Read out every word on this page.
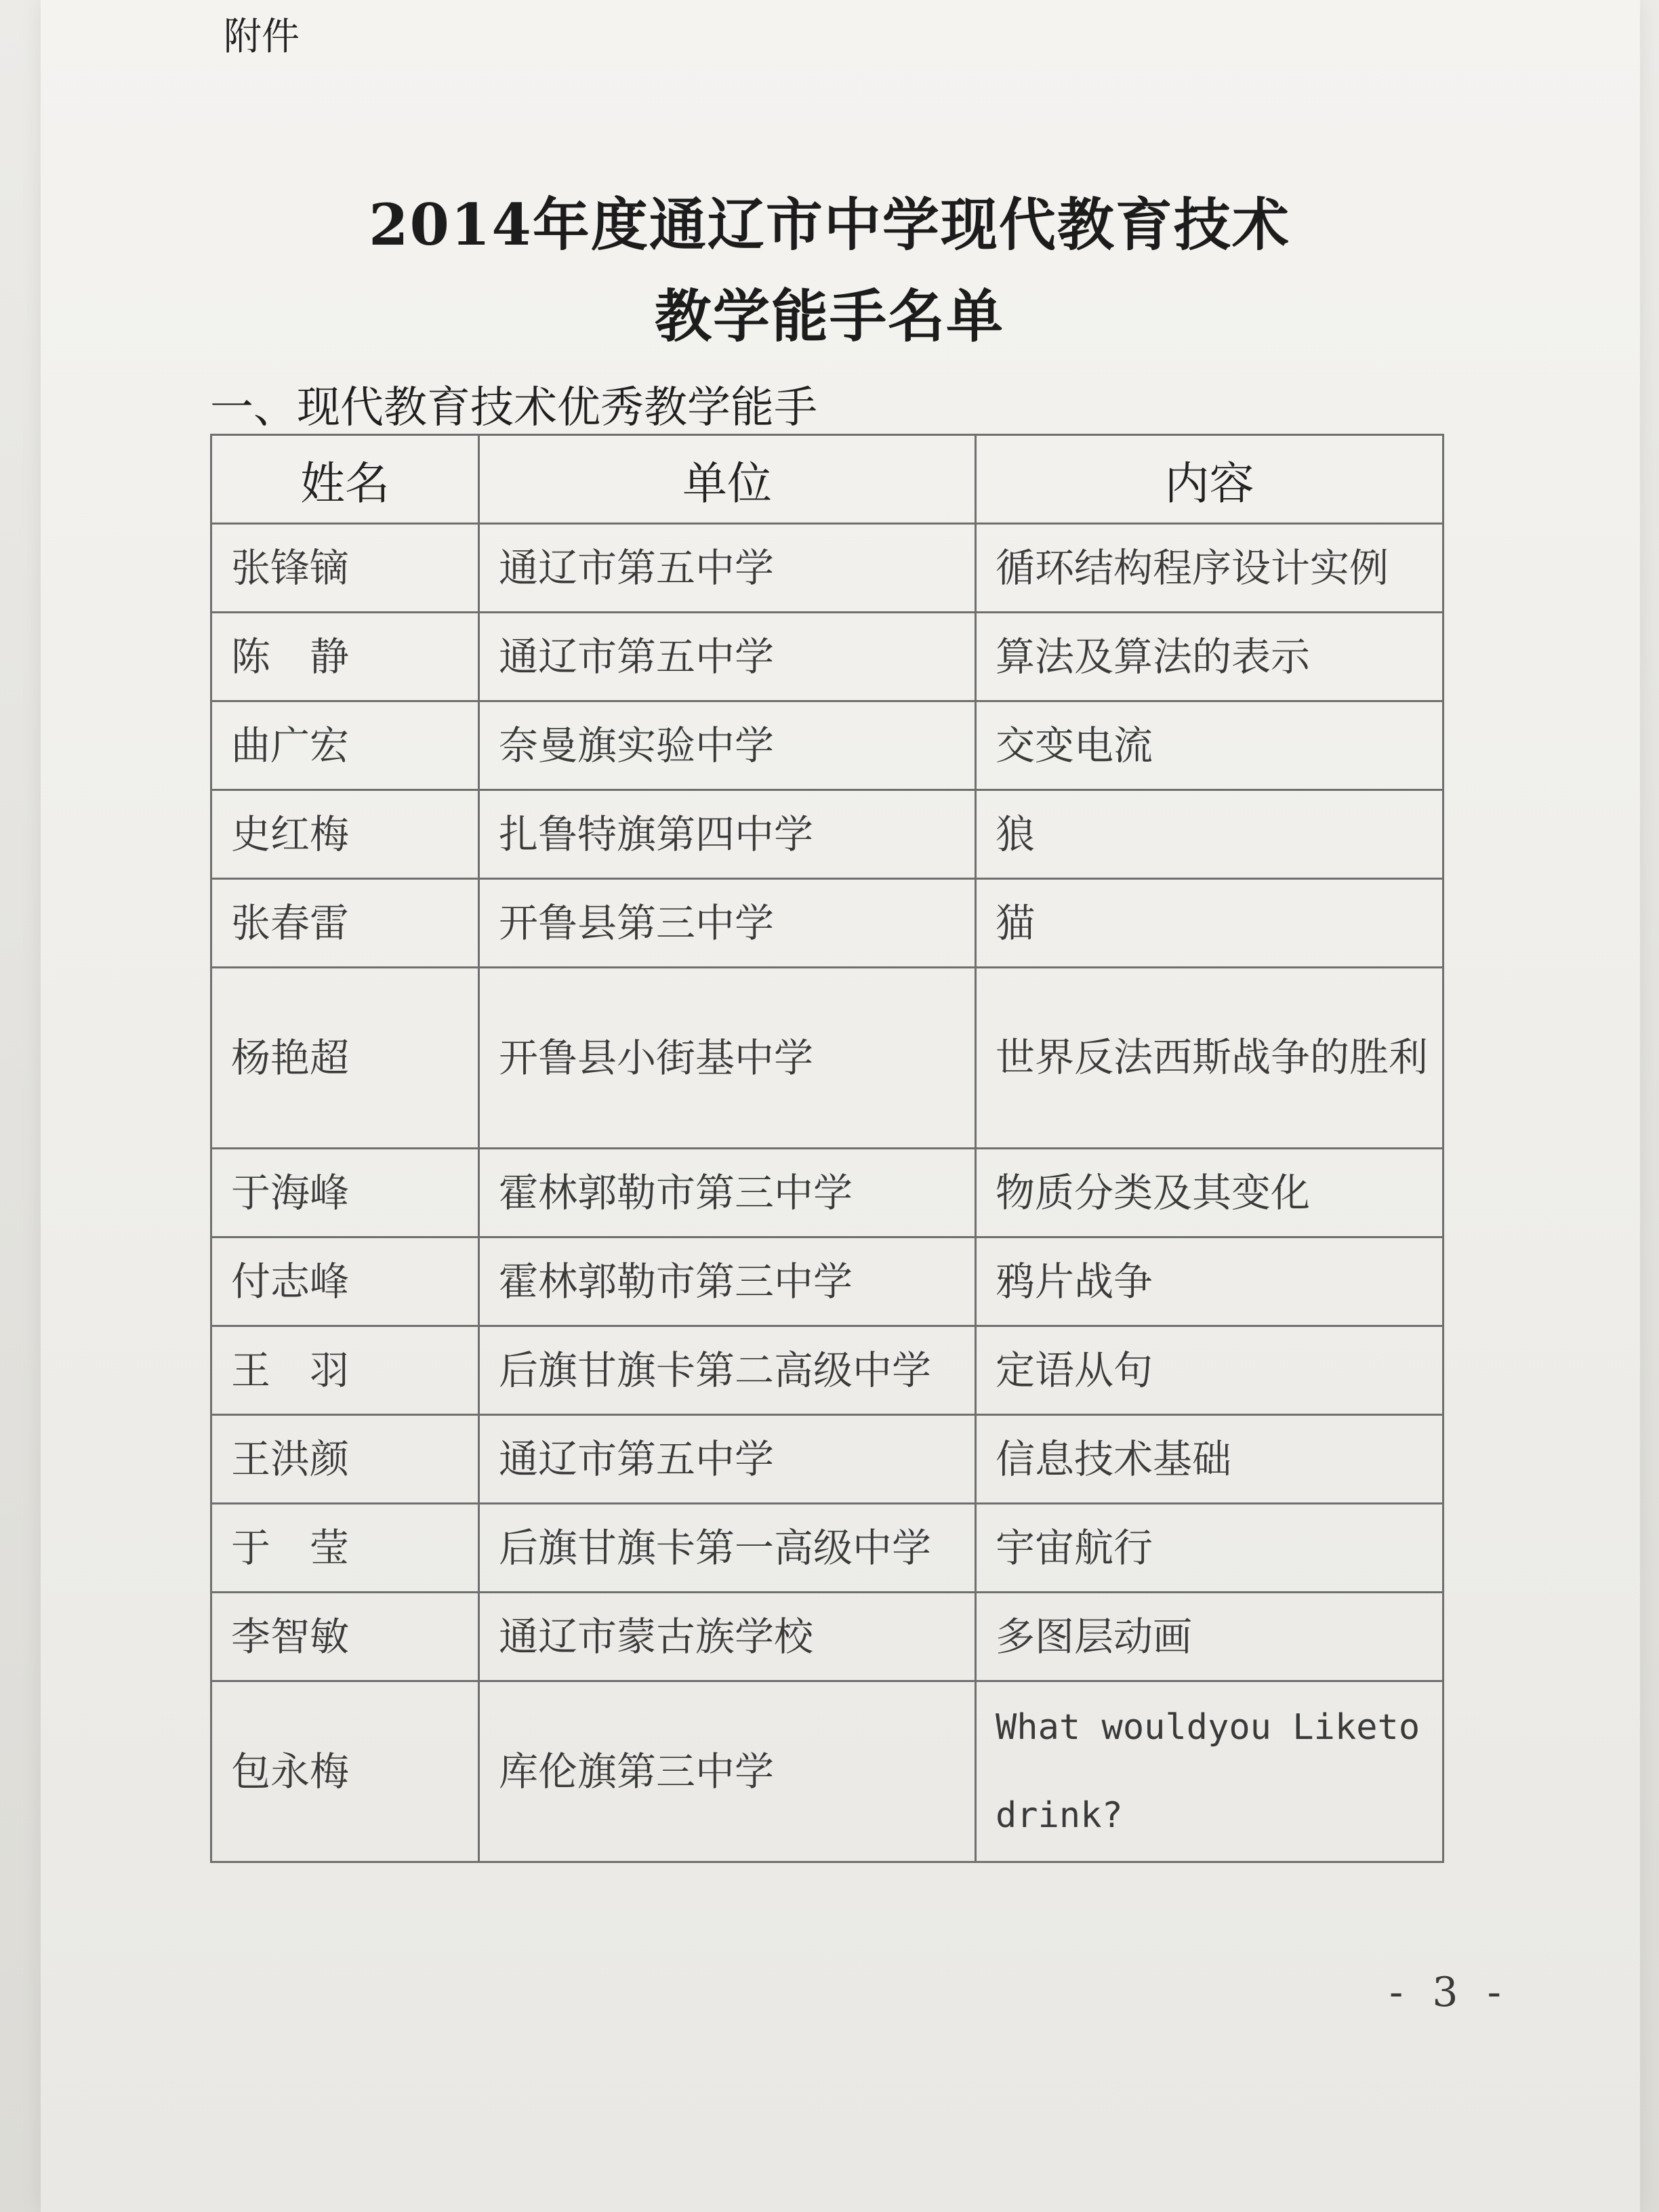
附件
2014年度通辽市中学现代教育技术
教学能手名单
一、现代教育技术优秀教学能手
姓名	单位	内容
张锋镝	通辽市第五中学	循环结构程序设计实例
陈　静	通辽市第五中学	算法及算法的表示
曲广宏	奈曼旗实验中学	交变电流
史红梅	扎鲁特旗第四中学	狼
张春雷	开鲁县第三中学	猫
杨艳超	开鲁县小街基中学	世界反法西斯战争的胜利
于海峰	霍林郭勒市第三中学	物质分类及其变化
付志峰	霍林郭勒市第三中学	鸦片战争
王　羽	后旗甘旗卡第二高级中学	定语从句
王洪颜	通辽市第五中学	信息技术基础
于　莹	后旗甘旗卡第一高级中学	宇宙航行
李智敏	通辽市蒙古族学校	多图层动画
包永梅	库伦旗第三中学	What wouldyou Liketo drink?
- 3 -
